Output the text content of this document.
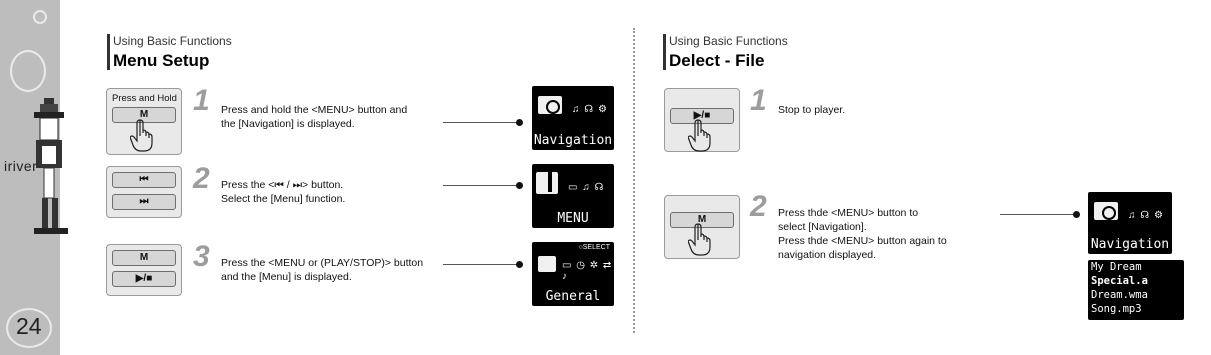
iriver
24
Using Basic Functions
Menu Setup
Press and Hold
M	1 Press and hold the <MENU> button and
the [Navigation] is displayed.
♫ ☊ ⚙
Navigation
⏮
⏭
2 Press the <⏮ / ⏭> button.
Select the [Menu] function.
▭ ♫ ☊
MENU
M
▶/■
3 Press the <MENU or (PLAY/STOP)> button
and the [Menu] is displayed.
○SELECT
▭ ◷ ✲ ⇄ ♪
General
Using Basic Functions
Delect - File
▶/■	1 Stop to player.
M	2 Press thde <MENU> button to
select [Navigation].
Press thde <MENU> button again to
navigation displayed.
♫ ☊ ⚙
Navigation
My Dream
Special.a
Dream.wma
Song.mp3
